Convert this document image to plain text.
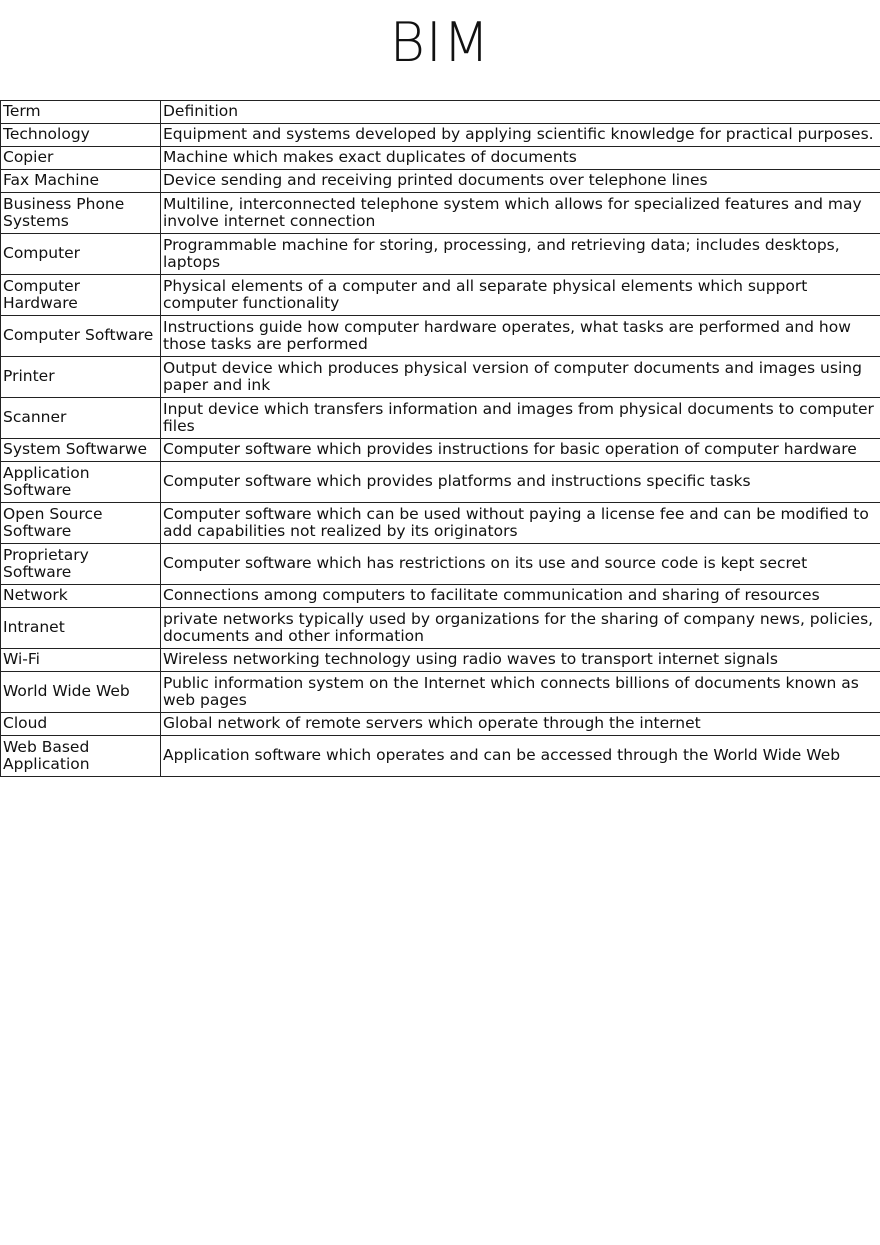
BIM
Term	Definition
Technology	Equipment and systems developed by applying scientific knowledge for practical purposes.
Copier	Machine which makes exact duplicates of documents
Fax Machine	Device sending and receiving printed documents over telephone lines
Business Phone Systems	Multiline, interconnected telephone system which allows for specialized features and may involve internet connection
Computer	Programmable machine for storing, processing, and retrieving data; includes desktops, laptops
Computer Hardware	Physical elements of a computer and all separate physical elements which support computer functionality
Computer Software	Instructions guide how computer hardware operates, what tasks are performed and how those tasks are performed
Printer	Output device which produces physical version of computer documents and images using paper and ink
Scanner	Input device which transfers information and images from physical documents to computer files
System Softwarwe	Computer software which provides instructions for basic operation of computer hardware
Application Software	Computer software which provides platforms and instructions specific tasks
Open Source Software	Computer software which can be used without paying a license fee and can be modified to add capabilities not realized by its originators
Proprietary Software	Computer software which has restrictions on its use and source code is kept secret
Network	Connections among computers to facilitate communication and sharing of resources
Intranet	private networks typically used by organizations for the sharing of company news, policies, documents and other information
Wi-Fi	Wireless networking technology using radio waves to transport internet signals
World Wide Web	Public information system on the Internet which connects billions of documents known as web pages
Cloud	Global network of remote servers which operate through the internet
Web Based Application	Application software which operates and can be accessed through the World Wide Web
